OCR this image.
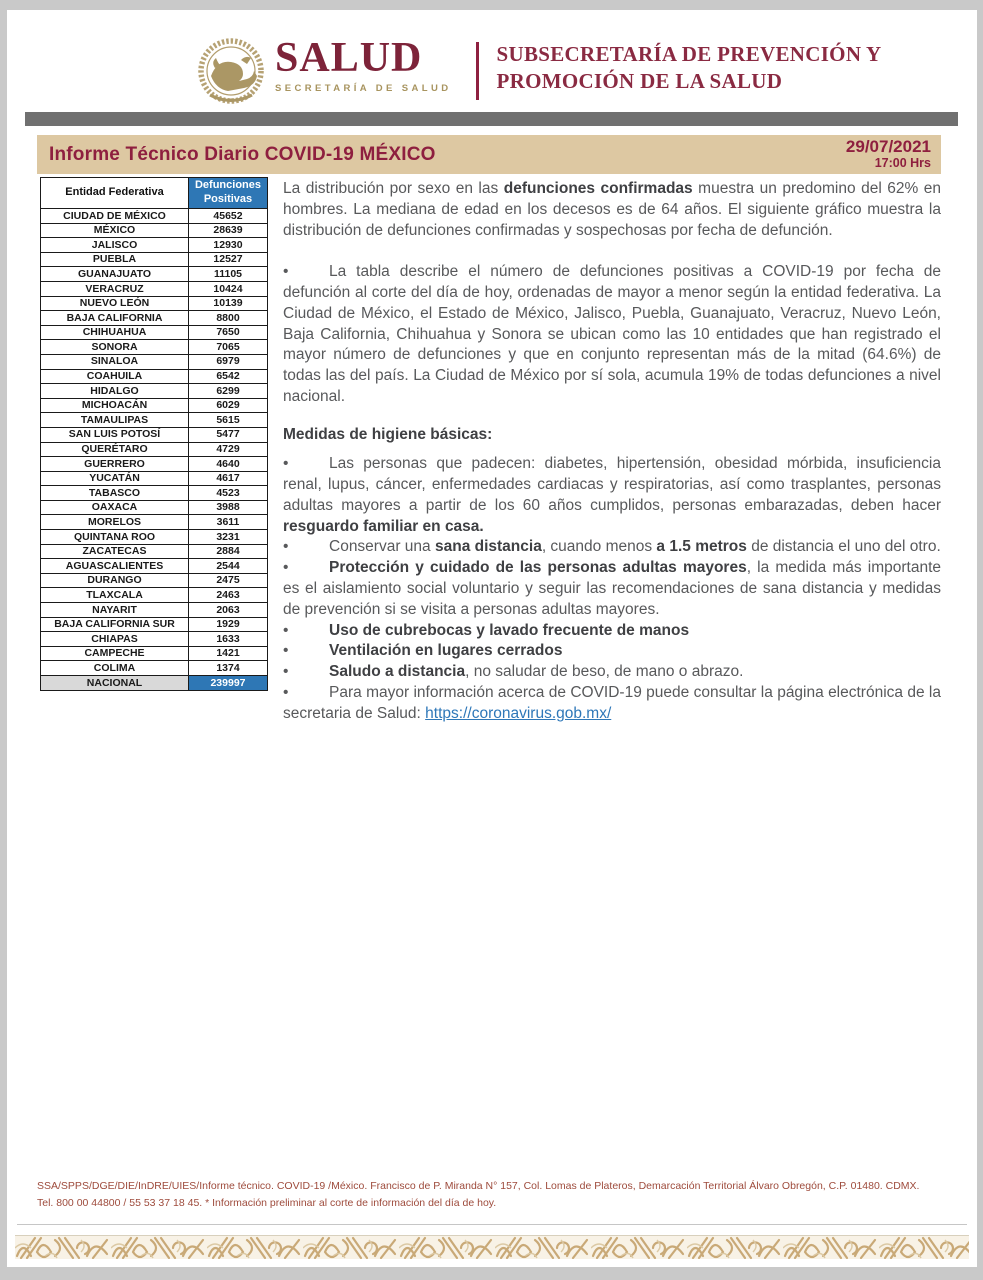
SALUD
SECRETARÍA DE SALUD
SUBSECRETARÍA DE PREVENCIÓN Y
PROMOCIÓN DE LA SALUD
Informe Técnico Diario COVID-19 MÉXICO	29/07/2021
17:00 Hrs
Entidad Federativa	Defunciones Positivas
CIUDAD DE MÉXICO	45652
MÉXICO	28639
JALISCO	12930
PUEBLA	12527
GUANAJUATO	11105
VERACRUZ	10424
NUEVO LEÓN	10139
BAJA CALIFORNIA	8800
CHIHUAHUA	7650
SONORA	7065
SINALOA	6979
COAHUILA	6542
HIDALGO	6299
MICHOACÁN	6029
TAMAULIPAS	5615
SAN LUIS POTOSÍ	5477
QUERÉTARO	4729
GUERRERO	4640
YUCATÁN	4617
TABASCO	4523
OAXACA	3988
MORELOS	3611
QUINTANA ROO	3231
ZACATECAS	2884
AGUASCALIENTES	2544
DURANGO	2475
TLAXCALA	2463
NAYARIT	2063
BAJA CALIFORNIA SUR	1929
CHIAPAS	1633
CAMPECHE	1421
COLIMA	1374
NACIONAL	239997
La distribución por sexo en las defunciones confirmadas muestra un predomino del 62% en hombres. La mediana de edad en los decesos es de 64 años. El siguiente gráfico muestra la distribución de defunciones confirmadas y sospechosas por fecha de defunción.
•	La tabla describe el número de defunciones positivas a COVID-19 por fecha de defunción al corte del día de hoy, ordenadas de mayor a menor según la entidad federativa. La Ciudad de México, el Estado de México, Jalisco, Puebla, Guanajuato, Veracruz, Nuevo León, Baja California, Chihuahua y Sonora se ubican como las 10 entidades que han registrado el mayor número de defunciones y que en conjunto representan más de la mitad (64.6%) de todas las del país. La Ciudad de México por sí sola, acumula 19% de todas defunciones a nivel nacional.
Medidas de higiene básicas:
•	Las personas que padecen: diabetes, hipertensión, obesidad mórbida, insuficiencia renal, lupus, cáncer, enfermedades cardiacas y respiratorias, así como trasplantes, personas adultas mayores a partir de los 60 años cumplidos, personas embarazadas, deben hacer resguardo familiar en casa.
•	Conservar una sana distancia, cuando menos a 1.5 metros de distancia el uno del otro.
•	Protección y cuidado de las personas adultas mayores, la medida más importante es el aislamiento social voluntario y seguir las recomendaciones de sana distancia y medidas de prevención si se visita a personas adultas mayores.
•	Uso de cubrebocas y lavado frecuente de manos
•	Ventilación en lugares cerrados
•	Saludo a distancia, no saludar de beso, de mano o abrazo.
•	Para mayor información acerca de COVID-19 puede consultar la página electrónica de la secretaria de Salud: https://coronavirus.gob.mx/
SSA/SPPS/DGE/DIE/InDRE/UIES/Informe técnico. COVID-19 /México. Francisco de P. Miranda N° 157, Col. Lomas de Plateros, Demarcación Territorial Álvaro Obregón, C.P. 01480. CDMX.
Tel. 800 00 44800 / 55 53 37 18 45. * Información preliminar al corte de información del día de hoy.
